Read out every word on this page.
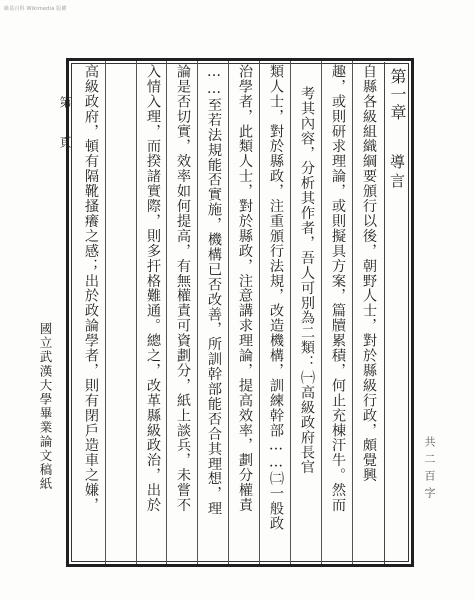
維基百科 Wikimedia 版權
第
頁
國立武漢大學畢業論文稿紙
第一章
導言
自縣各級組織綱要頒行以後，朝野人士，對於縣級行政，頗覺興
趣，或則研求理論，或則擬具方案，篇牘累積，何止充棟汗牛。然而
考其內容，分析其作者，吾人可別為二類：㈠高級政府長官
類人士，對於縣政，注重頒行法規，改造機構，訓練幹部……㈡一般政
治學者，此類人士，對於縣政，注意講求理論，提高效率，劃分權責
……至若法規能否實施，機構已否改善，所訓幹部能否合其理想，理
論是否切實，效率如何提高，有無權責可資劃分，紙上談兵，未嘗不
入情入理，而揆諸實際，則多扞格難通。總之，改革縣級政治，出於
高級政府，頓有隔靴搔癢之感；出於政論學者，則有閉戶造車之嫌，	共二百字
